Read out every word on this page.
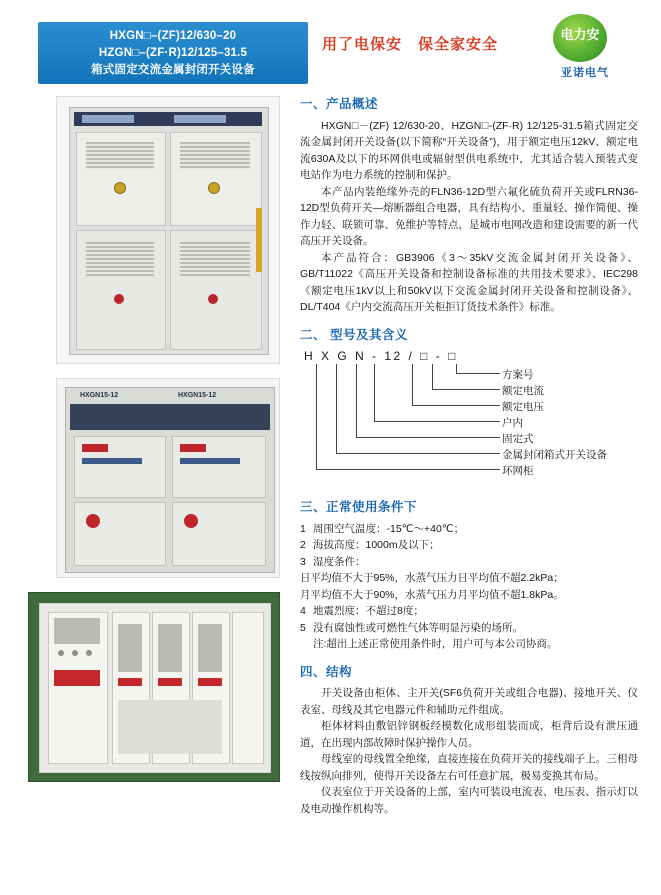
HXGN□–(ZF)12/630–20
HZGN□–(ZF·R)12/125–31.5
箱式固定交流金属封闭开关设备
用了电保安　保全家安全
电力安
亚诺电气
HXGN15-12	HXGN15-12
一、产品概述

HXGN□－(ZF) 12/630-20、HZGN□-(ZF·R) 12/125-31.5箱式固定交流金属封闭开关设备(以下简称“开关设备”)，用于额定电压12kV、额定电流630A及以下的环网供电或辐射型供电系统中，尤其适合装入预装式变电站作为电力系统的控制和保护。

本产品内装绝缘外壳的FLN36-12D型六氟化硫负荷开关或FLRN36- 12D型负荷开关—熔断器组合电器，具有结构小、重量轻、操作简便、操作力轻、联锁可靠、免维护等特点，是城市电网改造和建设需要的新一代高压开关设备。

本产品符合：GB3906《3～35kV交流金属封闭开关设备》、GB/T11022《高压开关设备和控制设备标准的共用技术要求》、IEC298《额定电压1kV以上和50kV以下交流金属封闭开关设备和控制设备》、DL/T404《户内交流高压开关柜拒订货技术条件》标准。

二、 型号及其含义
H X G N - 12 / □ - □
方案号
额定电流
额定电压
户内
固定式
金属封闭箱式开关设备
环网柜
三、正常使用条件下
1 周围空气温度：-15℃～+40℃；
2 海拔高度：1000m及以下；
3 湿度条件：

日平均值不大于95%，水蒸气压力日平均值不超2.2kPa；

月平均值不大于90%，水蒸气压力月平均值不超1.8kPa。

4 地震烈度：不超过8度；
5 没有腐蚀性或可燃性气体等明显污染的场所。

注:超出上述正常使用条件时，用户可与本公司协商。

四、结构

开关设备由柜体、主开关(SF6负荷开关或组合电器)、接地开关、仪表室、母线及其它电器元件和辅助元件组成。

柜体材料由敷铝锌钢板经模数化成形组装而成，柜背后设有泄压通道，在出现内部故障时保护操作人员。

母线室的母线置全绝缘，直接连接在负荷开关的接线端子上。三相母线按纵向排列，使得开关设备左右可任意扩展，极易变换其布局。

仪表室位于开关设备的上部，室内可装设电流表、电压表、指示灯以及电动操作机构等。
